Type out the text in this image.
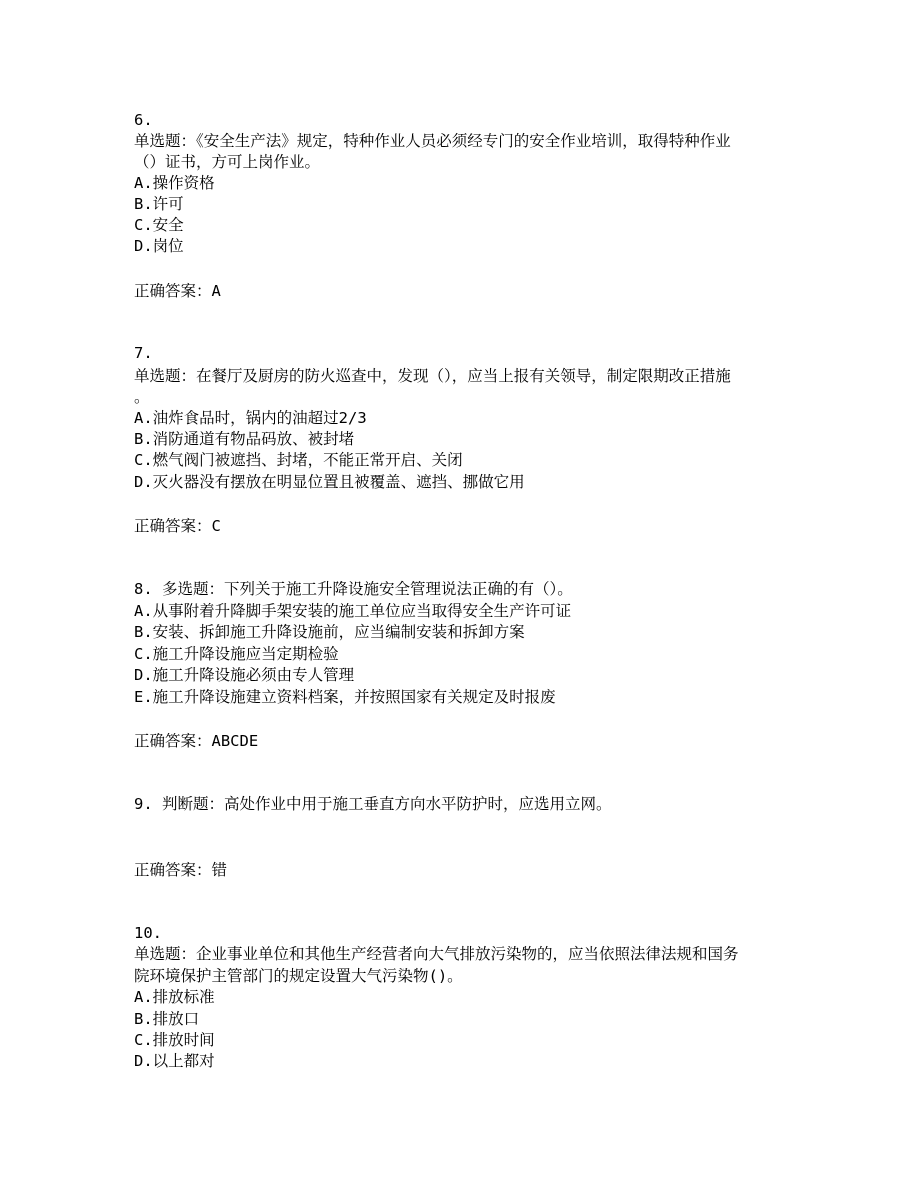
6.
单选题：《安全生产法》规定，特种作业人员必须经专门的安全作业培训，取得特种作业
（）证书，方可上岗作业。
A.操作资格
B.许可
C.安全
D.岗位
正确答案：A
7.
单选题：在餐厅及厨房的防火巡查中，发现（），应当上报有关领导，制定限期改正措施
。
A.油炸食品时，锅内的油超过2/3
B.消防通道有物品码放、被封堵
C.燃气阀门被遮挡、封堵，不能正常开启、关闭
D.灭火器没有摆放在明显位置且被覆盖、遮挡、挪做它用
正确答案：C
8. 多选题：下列关于施工升降设施安全管理说法正确的有（）。
A.从事附着升降脚手架安装的施工单位应当取得安全生产许可证
B.安装、拆卸施工升降设施前，应当编制安装和拆卸方案
C.施工升降设施应当定期检验
D.施工升降设施必须由专人管理
E.施工升降设施建立资料档案，并按照国家有关规定及时报废
正确答案：ABCDE
9. 判断题：高处作业中用于施工垂直方向水平防护时，应选用立网。
正确答案：错
10.
单选题：企业事业单位和其他生产经营者向大气排放污染物的，应当依照法律法规和国务
院环境保护主管部门的规定设置大气污染物()。
A.排放标准
B.排放口
C.排放时间
D.以上都对
